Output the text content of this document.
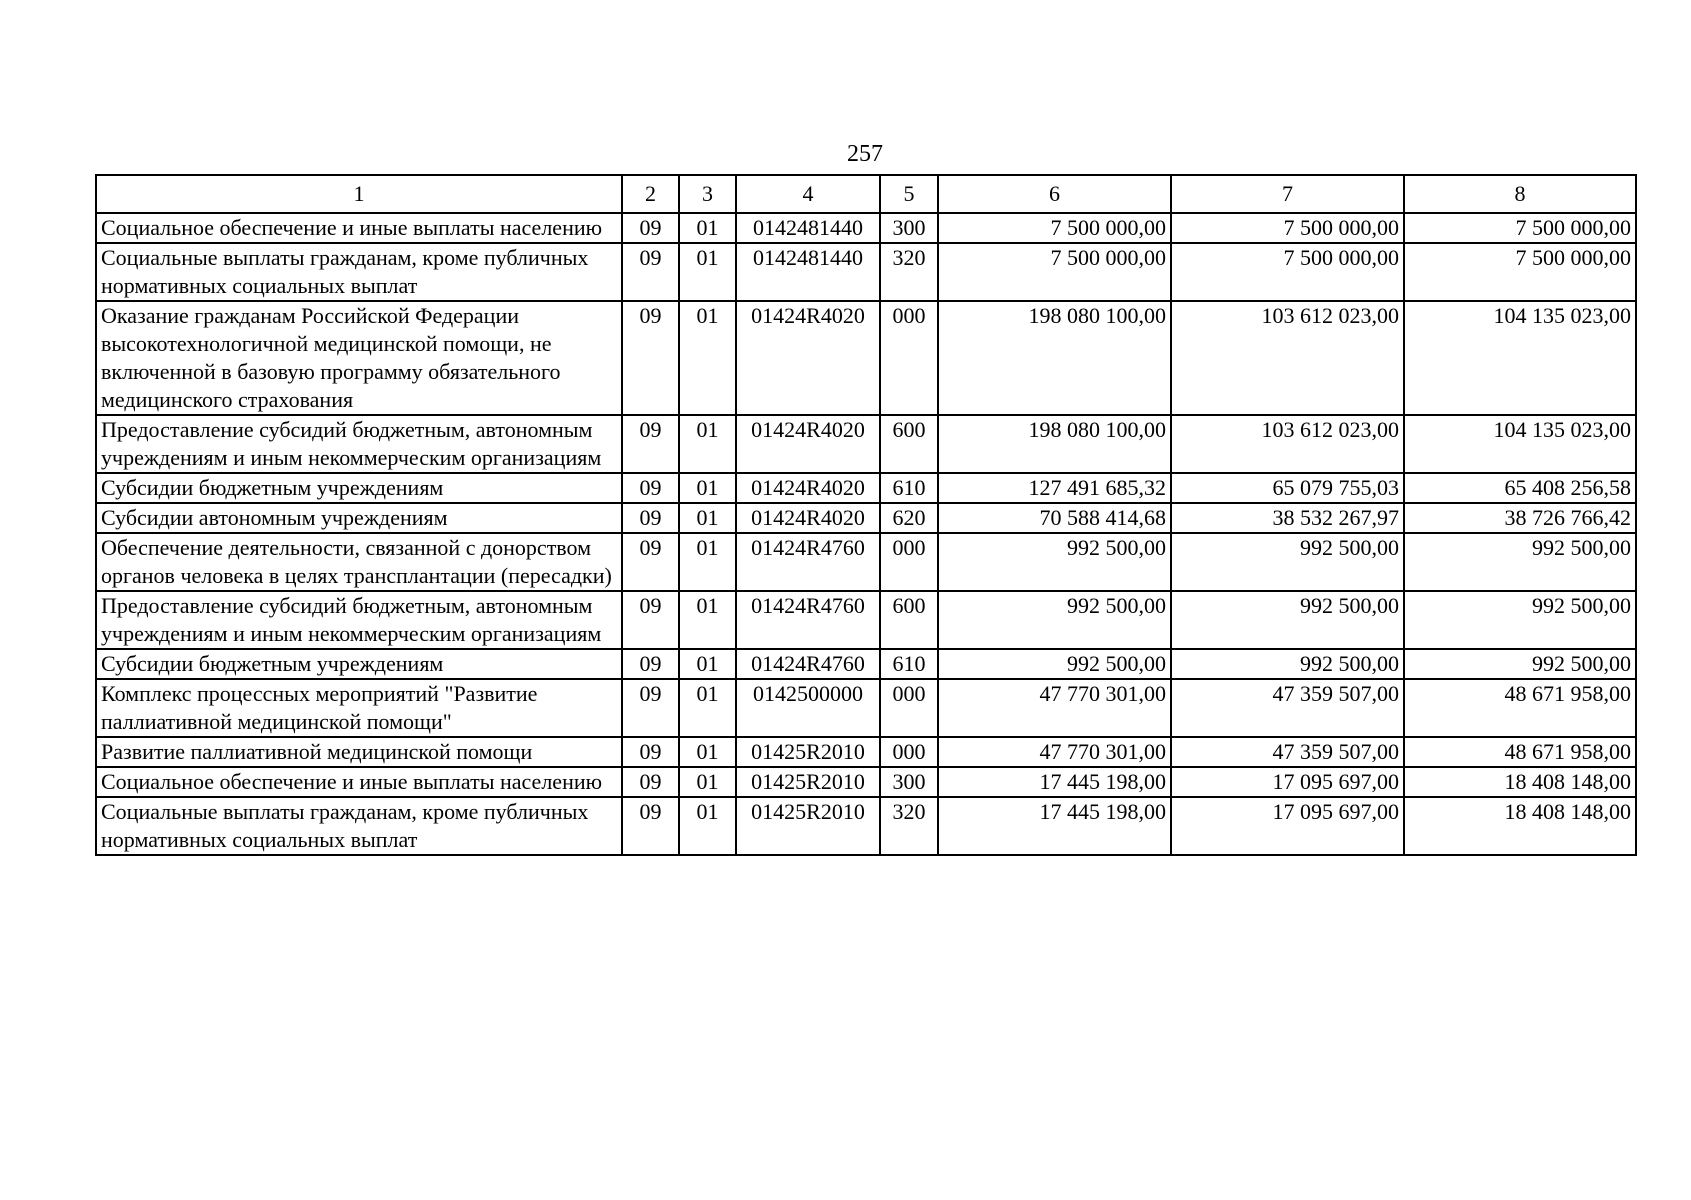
257
1	2	3	4	5	6	7	8
Социальное обеспечение и иные выплаты населению	09	01	0142481440	300	7 500 000,00	7 500 000,00	7 500 000,00
Социальные выплаты гражданам, кроме публичных нормативных социальных выплат	09	01	0142481440	320	7 500 000,00	7 500 000,00	7 500 000,00
Оказание гражданам Российской Федерации высокотехнологичной медицинской помощи, не включенной в базовую программу обязательного медицинского страхования	09	01	01424R4020	000	198 080 100,00	103 612 023,00	104 135 023,00
Предоставление субсидий бюджетным, автономным учреждениям и иным некоммерческим организациям	09	01	01424R4020	600	198 080 100,00	103 612 023,00	104 135 023,00
Субсидии бюджетным учреждениям	09	01	01424R4020	610	127 491 685,32	65 079 755,03	65 408 256,58
Субсидии автономным учреждениям	09	01	01424R4020	620	70 588 414,68	38 532 267,97	38 726 766,42
Обеспечение деятельности, связанной с донорством органов человека в целях трансплантации (пересадки)	09	01	01424R4760	000	992 500,00	992 500,00	992 500,00
Предоставление субсидий бюджетным, автономным учреждениям и иным некоммерческим организациям	09	01	01424R4760	600	992 500,00	992 500,00	992 500,00
Субсидии бюджетным учреждениям	09	01	01424R4760	610	992 500,00	992 500,00	992 500,00
Комплекс процессных мероприятий "Развитие паллиативной медицинской помощи"	09	01	0142500000	000	47 770 301,00	47 359 507,00	48 671 958,00
Развитие паллиативной медицинской помощи	09	01	01425R2010	000	47 770 301,00	47 359 507,00	48 671 958,00
Социальное обеспечение и иные выплаты населению	09	01	01425R2010	300	17 445 198,00	17 095 697,00	18 408 148,00
Социальные выплаты гражданам, кроме публичных нормативных социальных выплат	09	01	01425R2010	320	17 445 198,00	17 095 697,00	18 408 148,00
